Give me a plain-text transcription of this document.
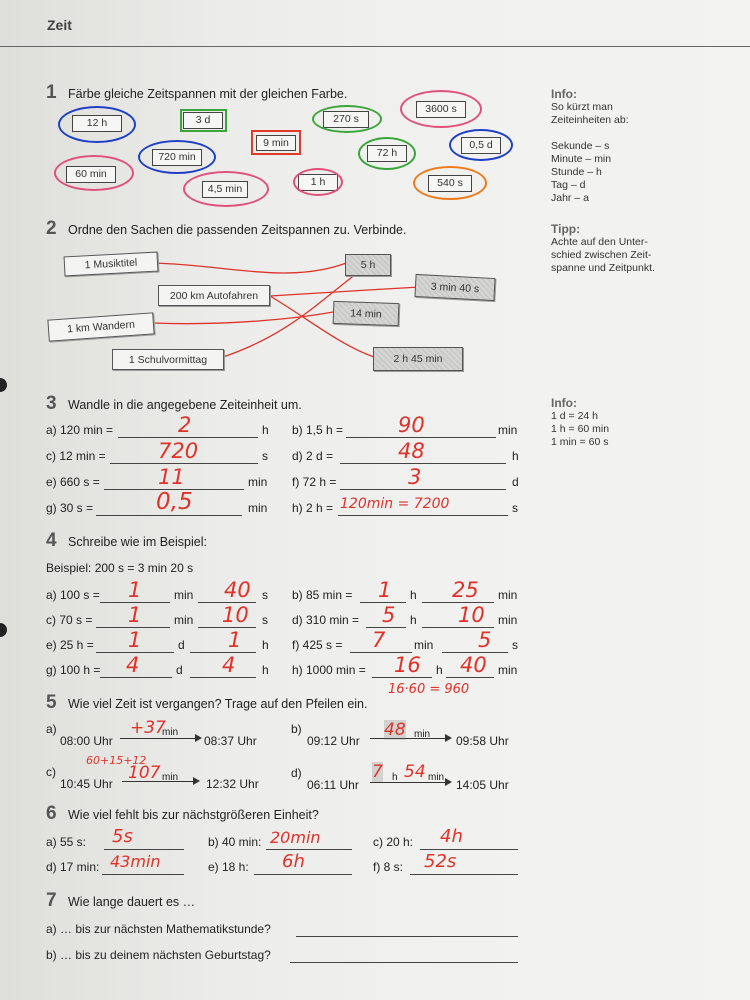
Zeit
Info:
So kürzt man
Zeiteinheiten ab:
Sekunde – s
Minute – min
Stunde – h
Tag – d
Jahr – a
Tipp:
Achte auf den Unter-
schied zwischen Zeit-
spanne und Zeitpunkt.
Info:
1 d = 24 h
1 h = 60 min
1 min = 60 s
1 Färbe gleiche Zeitspannen mit der gleichen Farbe.
12 h	3 d	270 s
3600 s
9 min	0,5 d
720 min	72 h
60 min
4,5 min
1 h	540 s
2 Ordne den Sachen die passenden Zeitspannen zu. Verbinde.
1 Musiktitel
200 km Autofahren
1 km Wandern
1 Schulvormittag
5 h
3 min 40 s
14 min
2 h 45 min
3 Wandle in die angegebene Zeiteinheit um.
a) 120 min =	2	h b) 1,5 h =	90	min
c) 12 min = 720	s d) 2 d =	48	h
e) 660 s =	11	min f) 72 h =	3	d
g) 30 s =	0,5	min h) 2 h = 120min = 7200	s
4 Schreibe wie im Beispiel:
Beispiel: 200 s = 3 min 20 s
a) 100 s = 1	min 40 s b) 85 min = 1 h 25 min
c) 70 s = 1	min 10 s d) 310 min = 5 h 10 min
e) 25 h = 1	d 1 h f) 425 s = 7 min 5 s
g) 100 h = 4	d 4 h h) 1000 min = 16 h 40 min
16·60 = 960
5 Wie viel Zeit ist vergangen? Trage auf den Pfeilen ein.
a)
08:00 Uhr
+37
min
08:37 Uhr
b)
09:12 Uhr
48 min 09:58 Uhr
c)
60+15+12
10:45 Uhr
107 min 12:32 Uhr
d)
06:11 Uhr
7 h 54 min
14:05 Uhr
6 Wie viel fehlt bis zur nächstgrößeren Einheit?
a) 55 s: 5s	b) 40 min: 20min	c) 20 h: 4h
d) 17 min: 43min	e) 18 h: 6h	f) 8 s: 52s
7 Wie lange dauert es …
a) … bis zur nächsten Mathematikstunde?
b) … bis zu deinem nächsten Geburtstag?
